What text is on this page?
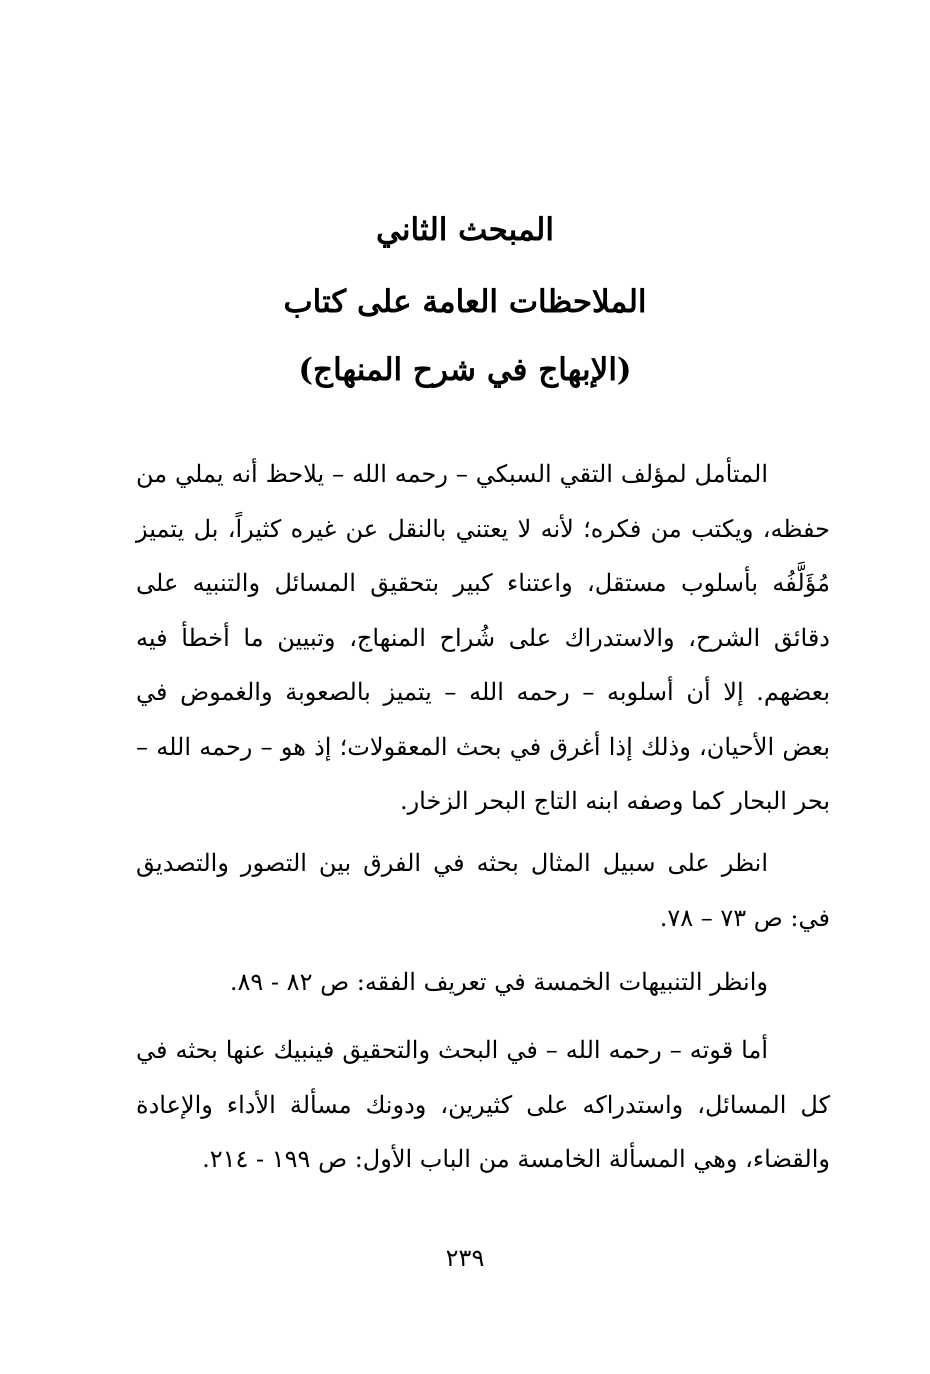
المبحث الثاني
الملاحظات العامة على كتاب
(الإبهاج في شرح المنهاج)

المتأمل لمؤلف التقي السبكي – رحمه الله – يلاحظ أنه يملي من حفظه، ويكتب من فكره؛ لأنه لا يعتني بالنقل عن غيره كثيراً، بل يتميز مُؤَلَّفُه بأسلوب مستقل، واعتناء كبير بتحقيق المسائل والتنبيه على دقائق الشرح، والاستدراك على شُراح المنهاج، وتبيين ما أخطأ فيه بعضهم. إلا أن أسلوبه – رحمه الله – يتميز بالصعوبة والغموض في بعض الأحيان، وذلك إذا أغرق في بحث المعقولات؛ إذ هو – رحمه الله – بحر البحار كما وصفه ابنه التاج البحر الزخار.

انظر على سبيل المثال بحثه في الفرق بين التصور والتصديق في: ص ٧٣ – ٧٨.

وانظر التنبيهات الخمسة في تعريف الفقه: ص ٨٢ - ٨٩.

أما قوته – رحمه الله – في البحث والتحقيق فينبيك عنها بحثه في كل المسائل، واستدراكه على كثيرين، ودونك مسألة الأداء والإعادة والقضاء، وهي المسألة الخامسة من الباب الأول: ص ١٩٩ - ٢١٤.

٢٣٩
